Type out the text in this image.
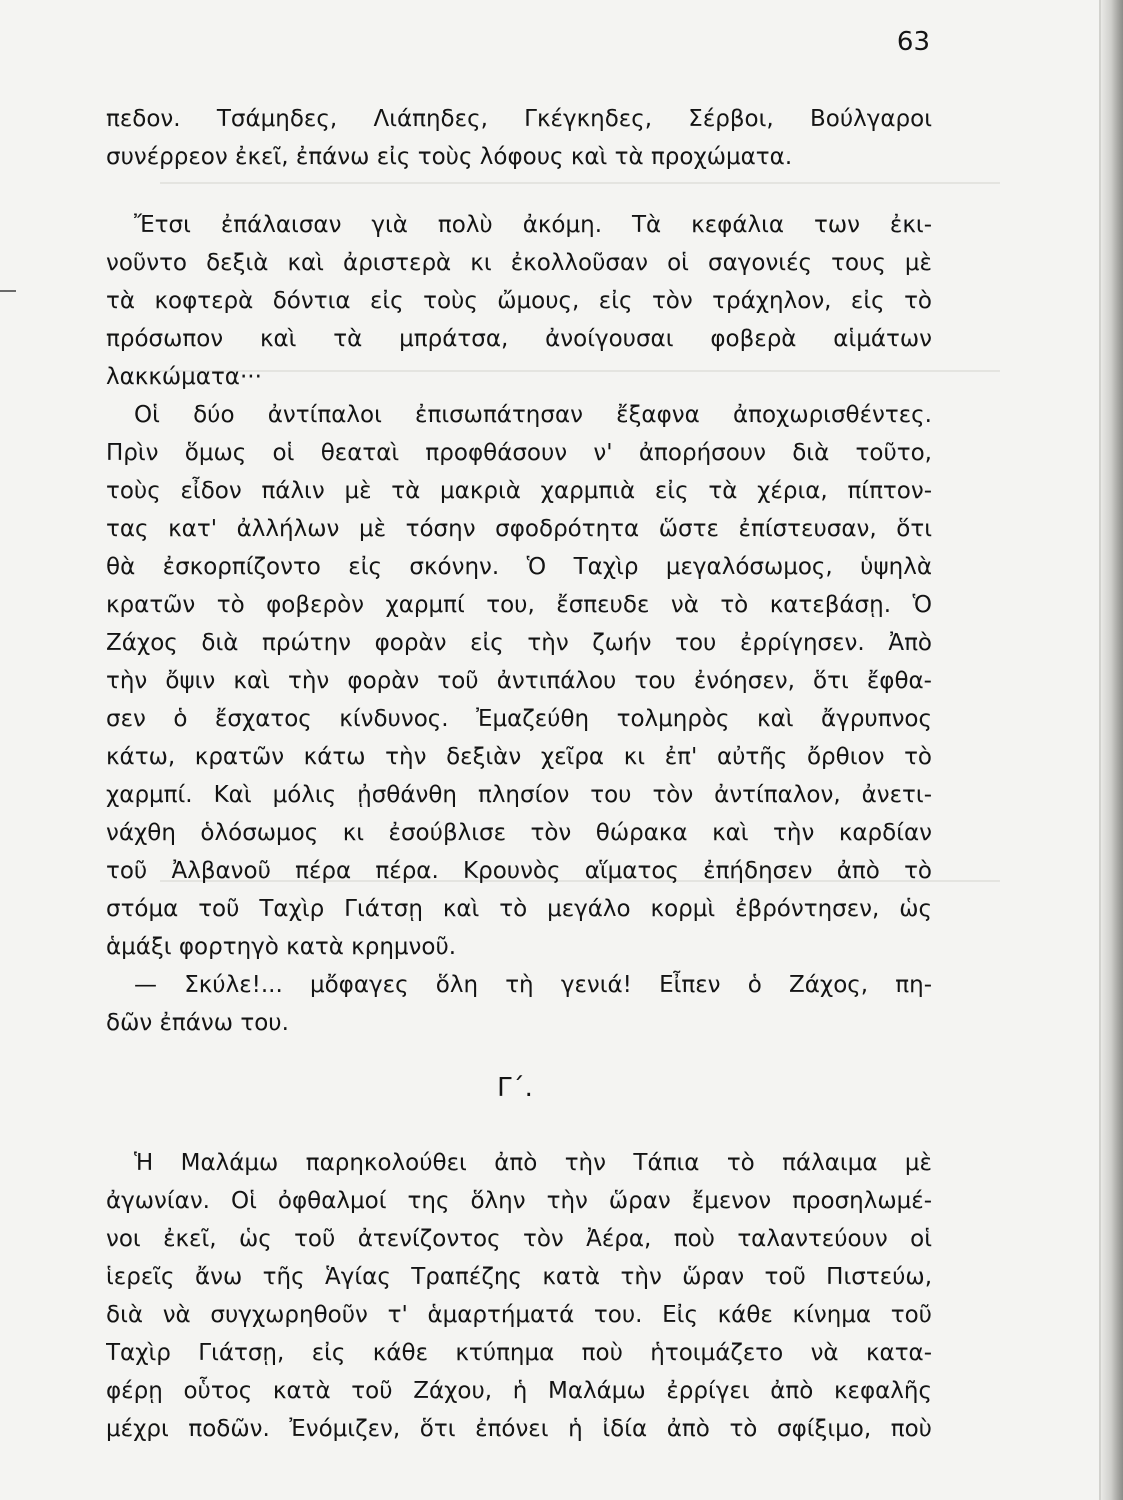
63
πεδον. Τσάμηδες, Λιάπηδες, Γκέγκηδες, Σέρβοι, Βούλγαροι
συνέρρεον ἐκεῖ, ἐπάνω εἰς τοὺς λόφους καὶ τὰ προχώματα.
Ἔτσι ἐπάλαισαν γιὰ πολὺ ἀκόμη. Τὰ κεφάλια των ἐκι-
νοῦντο δεξιὰ καὶ ἀριστερὰ κι ἐκολλοῦσαν οἱ σαγονιές τους μὲ
τὰ κοφτερὰ δόντια εἰς τοὺς ὤμους, εἰς τὸν τράχηλον, εἰς τὸ
πρόσωπον καὶ τὰ μπράτσα, ἀνοίγουσαι φοβερὰ αἱμάτων
λακκώματα···
Οἱ δύο ἀντίπαλοι ἐπισωπάτησαν ἔξαφνα ἀποχωρισθέντες.
Πρὶν ὅμως οἱ θεαταὶ προφθάσουν ν' ἀπορήσουν διὰ τοῦτο,
τοὺς εἶδον πάλιν μὲ τὰ μακριὰ χαρμπιὰ εἰς τὰ χέρια, πίπτον-
τας κατ' ἀλλήλων μὲ τόσην σφοδρότητα ὥστε ἐπίστευσαν, ὅτι
θὰ ἐσκορπίζοντο εἰς σκόνην. Ὁ Ταχὶρ μεγαλόσωμος, ὑψηλὰ
κρατῶν τὸ φοβερὸν χαρμπί του, ἔσπευδε νὰ τὸ κατεβάσῃ. Ὁ
Ζάχος διὰ πρώτην φορὰν εἰς τὴν ζωήν του ἐρρίγησεν. Ἀπὸ
τὴν ὄψιν καὶ τὴν φορὰν τοῦ ἀντιπάλου του ἐνόησεν, ὅτι ἔφθα-
σεν ὁ ἔσχατος κίνδυνος. Ἐμαζεύθη τολμηρὸς καὶ ἄγρυπνος
κάτω, κρατῶν κάτω τὴν δεξιὰν χεῖρα κι ἐπ' αὐτῆς ὄρθιον τὸ
χαρμπί. Καὶ μόλις ᾐσθάνθη πλησίον του τὸν ἀντίπαλον, ἀνετι-
νάχθη ὁλόσωμος κι ἐσούβλισε τὸν θώρακα καὶ τὴν καρδίαν
τοῦ Ἀλβανοῦ πέρα πέρα. Κρουνὸς αἵματος ἐπήδησεν ἀπὸ τὸ
στόμα τοῦ Ταχὶρ Γιάτσῃ καὶ τὸ μεγάλο κορμὶ ἐβρόντησεν, ὡς
ἁμάξι φορτηγὸ κατὰ κρημνοῦ.
— Σκύλε!... μὄφαγες ὅλη τὴ γενιά! Εἶπεν ὁ Ζάχος, πη-
δῶν ἐπάνω του.
Γ΄.
Ἡ Μαλάμω παρηκολούθει ἀπὸ τὴν Τάπια τὸ πάλαιμα μὲ
ἀγωνίαν. Οἱ ὀφθαλμοί της ὅλην τὴν ὥραν ἔμενον προσηλωμέ-
νοι ἐκεῖ, ὡς τοῦ ἀτενίζοντος τὸν Ἀέρα, ποὺ ταλαντεύουν οἱ
ἱερεῖς ἄνω τῆς Ἁγίας Τραπέζης κατὰ τὴν ὥραν τοῦ Πιστεύω,
διὰ νὰ συγχωρηθοῦν τ' ἁμαρτήματά του. Εἰς κάθε κίνημα τοῦ
Ταχὶρ Γιάτσῃ, εἰς κάθε κτύπημα ποὺ ἡτοιμάζετο νὰ κατα-
φέρῃ οὗτος κατὰ τοῦ Ζάχου, ἡ Μαλάμω ἐρρίγει ἀπὸ κεφαλῆς
μέχρι ποδῶν. Ἐνόμιζεν, ὅτι ἐπόνει ἡ ἰδία ἀπὸ τὸ σφίξιμο, ποὺ
